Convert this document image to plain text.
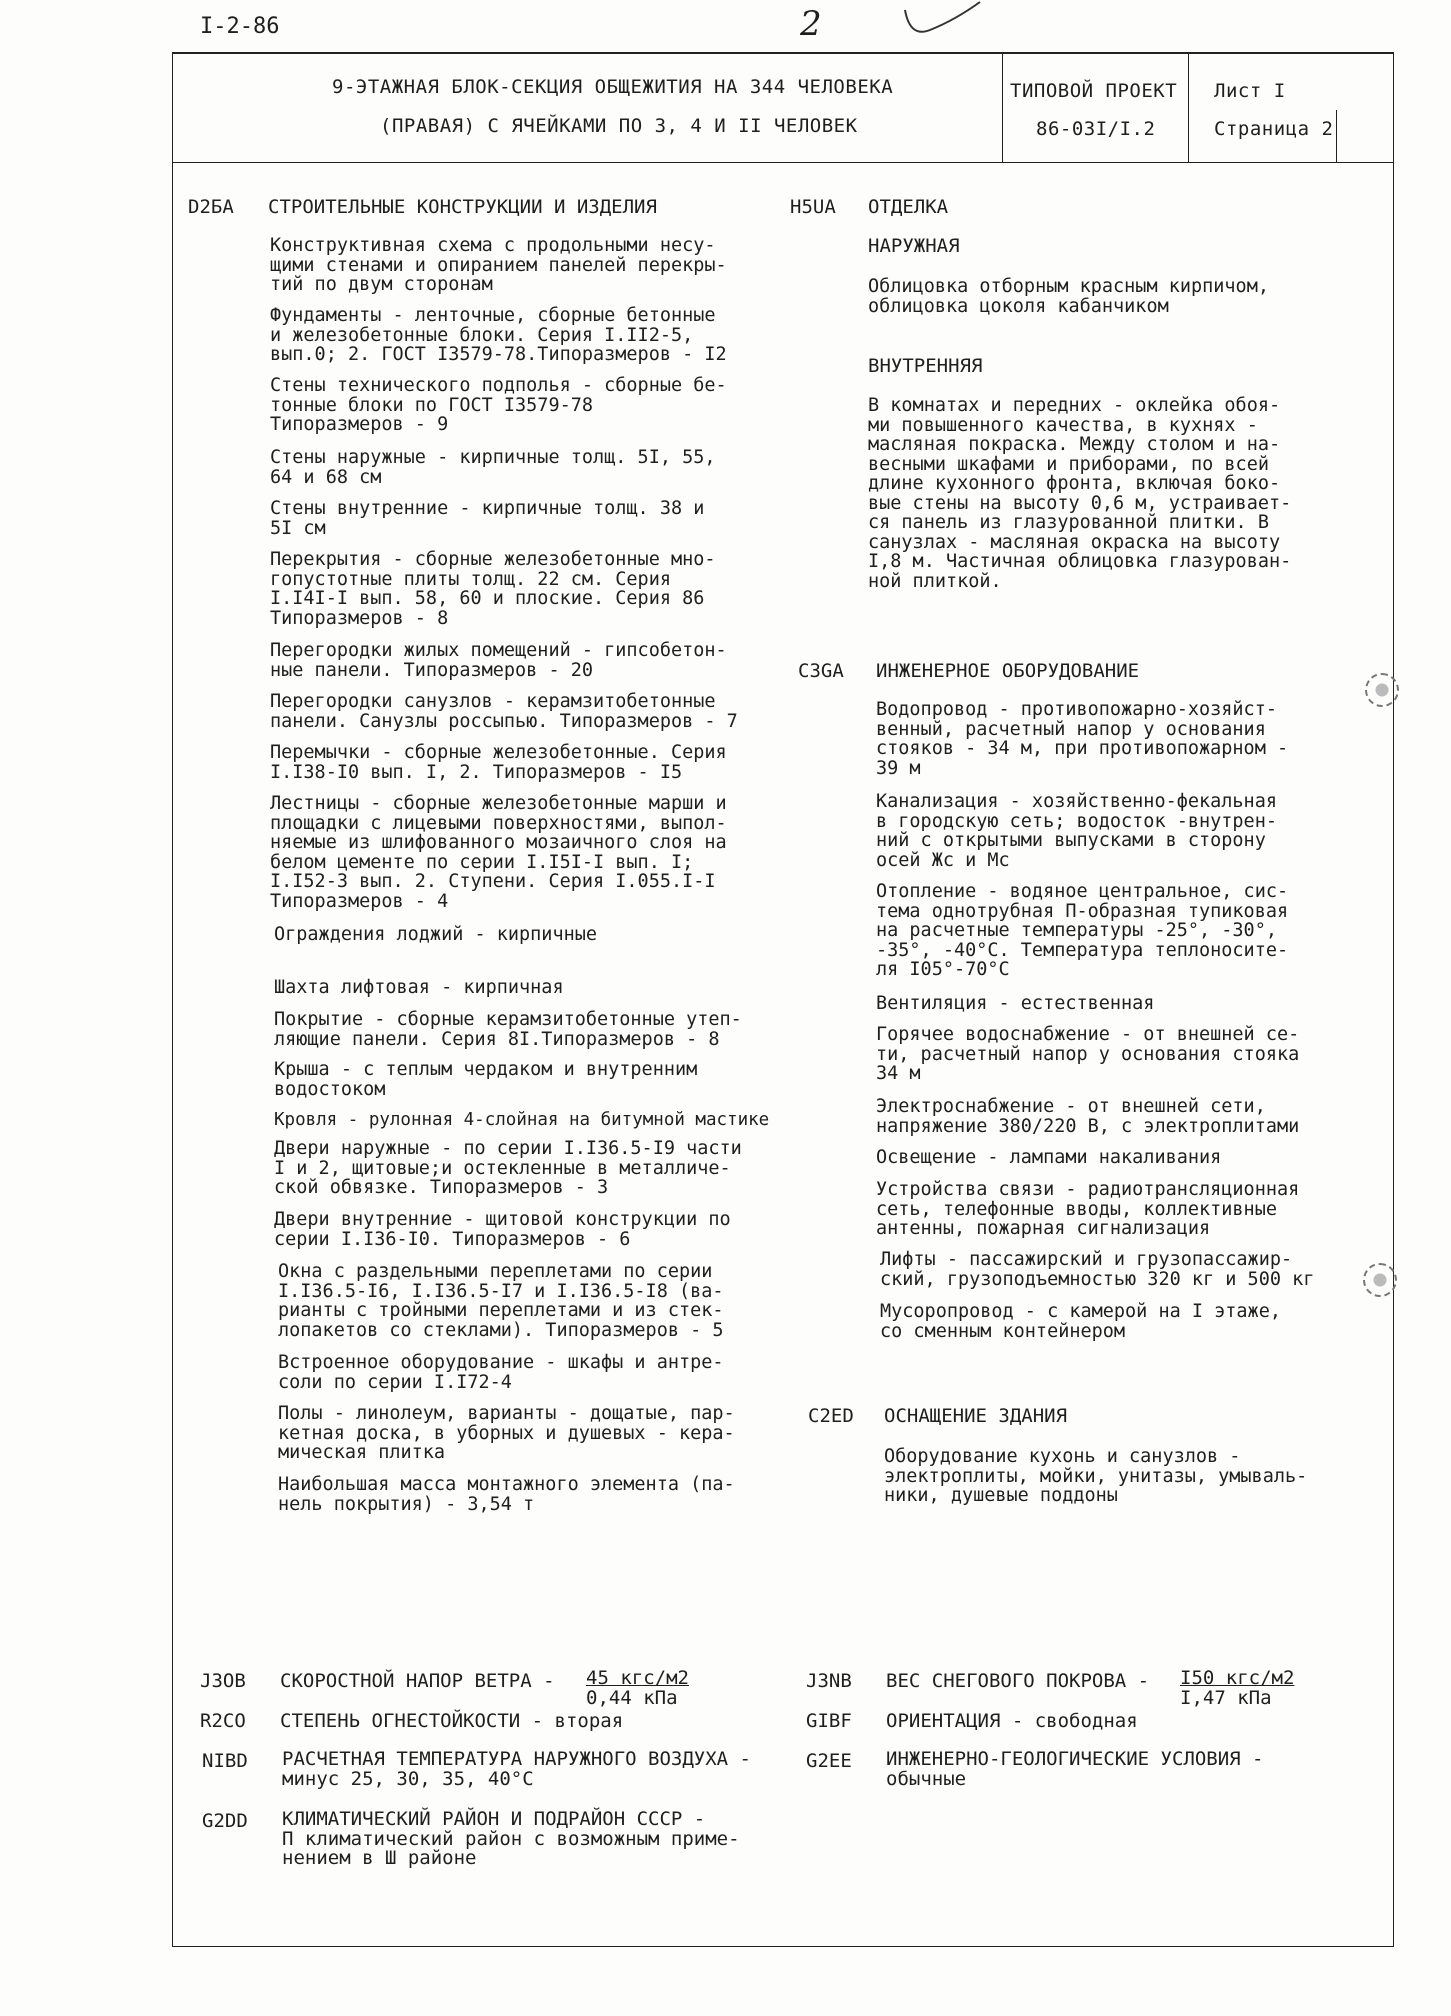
I-2-86	2
9-ЭТАЖНАЯ БЛОК-СЕКЦИЯ ОБЩЕЖИТИЯ НА 344 ЧЕЛОВЕКА
(ПРАВАЯ) С ЯЧЕЙКАМИ ПО 3, 4 И II ЧЕЛОВЕК
ТИПОВОЙ ПРОЕКТ
86-03I/I.2
Лист I
Страница 2
D2БА СТРОИТЕЛЬНЫЕ КОНСТРУКЦИИ И ИЗДЕЛИЯ
Конструктивная схема с продольными несу-
щими стенами и опиранием панелей перекры-
тий по двум сторонам
Фундаменты - ленточные, сборные бетонные
и железобетонные блоки. Серия I.II2-5,
вып.0; 2. ГОСТ I3579-78.Типоразмеров - I2
Стены технического подполья - сборные бе-
тонные блоки по ГОСТ I3579-78
Типоразмеров - 9
Стены наружные - кирпичные толщ. 5I, 55,
64 и 68 см
Стены внутренние - кирпичные толщ. 38 и
5I см
Перекрытия - сборные железобетонные мно-
гопустотные плиты толщ. 22 см. Серия
I.I4I-I вып. 58, 60 и плоские. Серия 86
Типоразмеров - 8
Перегородки жилых помещений - гипсобетон-
ные панели. Типоразмеров - 20
Перегородки санузлов - керамзитобетонные
панели. Санузлы россыпью. Типоразмеров - 7
Перемычки - сборные железобетонные. Серия
I.I38-I0 вып. I, 2. Типоразмеров - I5
Лестницы - сборные железобетонные марши и
площадки с лицевыми поверхностями, выпол-
няемые из шлифованного мозаичного слоя на
белом цементе по серии I.I5I-I вып. I;
I.I52-3 вып. 2. Ступени. Серия I.055.I-I
Типоразмеров - 4
Ограждения лоджий - кирпичные
Шахта лифтовая - кирпичная
Покрытие - сборные керамзитобетонные утеп-
ляющие панели. Серия 8I.Типоразмеров - 8
Крыша - с теплым чердаком и внутренним
водостоком
Кровля - рулонная 4-слойная на битумной мастике
Двери наружные - по серии I.I36.5-I9 части
I и 2, щитовые;и остекленные в металличе-
ской обвязке. Типоразмеров - 3
Двери внутренние - щитовой конструкции по
серии I.I36-I0. Типоразмеров - 6
Окна с раздельными переплетами по серии
I.I36.5-I6, I.I36.5-I7 и I.I36.5-I8 (ва-
рианты с тройными переплетами и из стек-
лопакетов со стеклами). Типоразмеров - 5
Встроенное оборудование - шкафы и антре-
соли по серии I.I72-4
Полы - линолеум, варианты - дощатые, пар-
кетная доска, в уборных и душевых - кера-
мическая плитка
Наибольшая масса монтажного элемента (па-
нель покрытия) - 3,54 т
Н5UА ОТДЕЛКА
НАРУЖНАЯ
Облицовка отборным красным кирпичом,
облицовка цоколя кабанчиком
ВНУТРЕННЯЯ
В комнатах и передних - оклейка обоя-
ми повышенного качества, в кухнях -
масляная покраска. Между столом и на-
весными шкафами и приборами, по всей
длине кухонного фронта, включая боко-
вые стены на высоту 0,6 м, устраивает-
ся панель из глазурованной плитки. В
санузлах - масляная окраска на высоту
I,8 м. Частичная облицовка глазурован-
ной плиткой.
С3GА ИНЖЕНЕРНОЕ ОБОРУДОВАНИЕ
Водопровод - противопожарно-хозяйст-
венный, расчетный напор у основания
стояков - 34 м, при противопожарном -
39 м
Канализация - хозяйственно-фекальная
в городскую сеть; водосток -внутрен-
ний с открытыми выпусками в сторону
осей Жс и Мс
Отопление - водяное центральное, сис-
тема однотрубная П-образная тупиковая
на расчетные температуры -25°, -30°,
-35°, -40°С. Температура теплоносите-
ля I05°-70°С
Вентиляция - естественная
Горячее водоснабжение - от внешней се-
ти, расчетный напор у основания стояка
34 м
Электроснабжение - от внешней сети,
напряжение 380/220 В, с электроплитами
Освещение - лампами накаливания
Устройства связи - радиотрансляционная
сеть, телефонные вводы, коллективные
антенны, пожарная сигнализация
Лифты - пассажирский и грузопассажир-
ский, грузоподъемностью 320 кг и 500 кг
Мусоропровод - с камерой на I этаже,
со сменным контейнером
С2ЕD ОСНАЩЕНИЕ ЗДАНИЯ
Оборудование кухонь и санузлов -
электроплиты, мойки, унитазы, умываль-
ники, душевые поддоны
J3OB СКОРОСТНОЙ НАПОР ВЕТРА - 45 кгс/м2
0,44 кПа
R2CO СТЕПЕНЬ ОГНЕСТОЙКОСТИ - вторая
NIBD РАСЧЕТНАЯ ТЕМПЕРАТУРА НАРУЖНОГО ВОЗДУХА -
минус 25, 30, 35, 40°С
G2DD КЛИМАТИЧЕСКИЙ РАЙОН И ПОДРАЙОН СССР -
П климатический район с возможным приме-
нением в Ш районе
J3NB ВЕС СНЕГОВОГО ПОКРОВА - I50 кгс/м2
I,47 кПа
GIBF ОРИЕНТАЦИЯ - свободная
G2EE ИНЖЕНЕРНО-ГЕОЛОГИЧЕСКИЕ УСЛОВИЯ -
обычные
